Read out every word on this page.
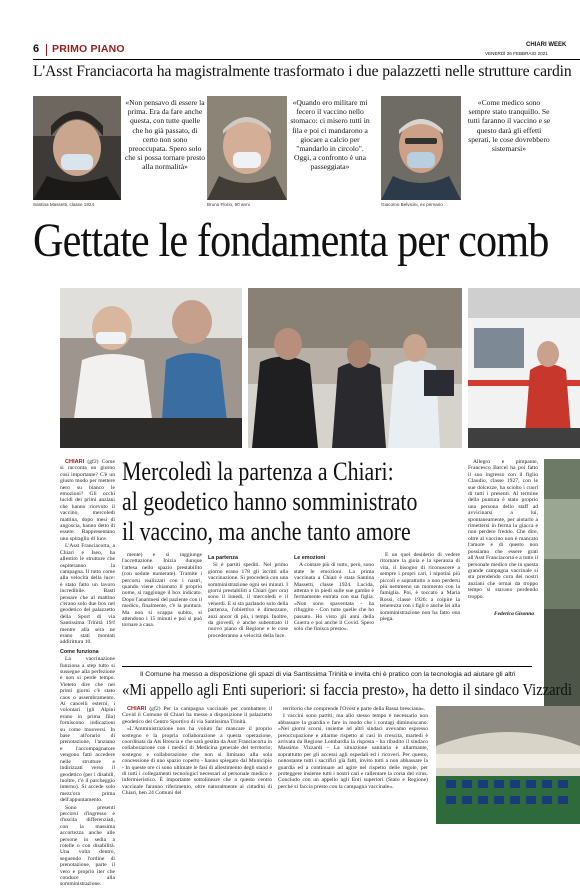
6 PRIMO PIANO	CHIARI WEEK
VENERDÌ 26 FEBBRAIO 2021
L'Asst Franciacorta ha magistralmente trasformato i due palazzetti nelle strutture cardin
Santina Massetti, classe 1924
«Non pensavo di essere la prima. Era da fare anche questa, con tutte quelle che ho già passato, di certo non sono preoccupata. Spero solo che si possa tornare presto alla normalità»
Bruno Florio, 90 anni
«Quando ero militare mi fecero il vaccino nello stomaco: ci misero tutti in fila e poi ci mandarono a giocare a calcio per "mandarlo in circolo". Oggi, a confronto è una passeggiata»
Giacomo Belvicini, ex primario
«Come medico sono sempre stato tranquillo. Se tutti faranno il vaccino e se questo darà gli effetti sperati, le cose dovrebbero sistemarsi»
Gettate le fondamenta per comb

CHIARI (gf2) Come si racconta un giorno così importante? C'è un giusto modo per mettere nero su bianco le emozioni? Gli occhi lucidi dei primi anziani che hanno ricevuto il vaccino, mercoledì mattina, dopo mesi di angoscia, hanno detto di essere. Rappresentano uno spiraglio di luce.

L'Asst Franciacorta, a Chiari e Iseo, ha allestito le strutture che ospiteranno la campagna. Il tutto come alla velocità della luce: è stato fatto un lavoro incredibile. Basti pensare che al mattino c'erano solo due box nel geodetico del palazzetto della Sport di via Santissima Trinità 19/f mentre alla sera ne erano stati montati addirittura 10.

Come funziona

La vaccinazione funziona a step tutto si sussegue alla perfezione e non si perde tempo. Vieteto dire che nei primi giorni c'è stato caos o assembramento. Ai cancelli esterni, i volontari (gli Alpini erano in prima fila) forniscono indicazioni su come muoversi. In base all'orario di prenotazione, l'anziano e l'accompagnatore vengono fatti accedere nelle strutture e indirizzati verso il geodetico (per i disabili, inoltre, c'è il parcheggio interno). Si accede solo mezz'ora prima dell'appuntamento.

Sono presenti percorsi d'ingresso e d'uscita differenziati, con la massima accortezza anche alle persone in sedia a rotelle o con disabilità. Una volta dentro, seguendo l'ordine di prenotazione, parte il vero e proprio iter che conduce alla somministrazione.

Mercoledì la partenza a Chiari:
al geodetico hanno somministrato
il vaccino, ma anche tanto amore

mente) e si raggiunge l'accettazione. Inizia dunque l'attesa nello spazio prestabilito (con sedute numerate). Tramite i percorsi realizzati con i nastri, quando viene chiamato il proprio nome, si raggiunge il box indicato. Dopo l'anamnesi del paziente con il medico, finalmente, c'è la puntura. Ma non si scappa subito, si attendono i 15 minuti e poi si può tornare a casa.

La partenza

Si è partiti spediti. Nel primo giorno erano 178 gli iscritti alla vaccinazione. Si procederà con una somministrazione ogni sei minuti. I giorni prestabiliti a Chiari (per ora) sono il lunedì, il mercoledì e il venerdì. E si sta parlando solo della partenza, l'obiettivo è dimezzare, anzi ancor di più, i tempi. Inoltre, da giovedì, è anche subentrato il nuovo piano di Regione e le cose procederanno a velocità della luce.

Le emozioni

A contare più di tutto, però, sono state le emozioni. La prima vaccinata a Chiari è stata Santina Massetti, classe 1924. Lucida, attenta e in piedi sulle sue gambe è fermamente entrata con sua figlia. «Non sono spaventata - ha rifuggito - Con tutte quelle che ho passato. Ho visto gli anni della Guerra e poi anche il Covid. Spero solo che finisca presto».

E un quel desiderio di vedere ritornare la gioia e la speranza di vita, il bisogno di riconoscere a sempre i propri cari, i nipotini più piccoli e soprattutto a non perdersi più nemmeno un momento con la famiglia. Poi, è toccato a Maria Rossi, classe 1926: a colpire la tenerezza con i figli e anche lei alla somministrazione non ha fatto una piega.

Allegro e pimpante, Francesco Barcel ha poi fatto il suo ingresso con il figlio Claudio, classe 1927, con le sue dolcezze, ha sciolto i cuori di tutti i presenti. Al termine della puntura è stato proprio una persona dello staff ad avvicinarsi a lui, spontaneamente, per aiutarlo a rimettersi in ferma la giacca e non perdere freddo. Che dire, oltre al vaccino non è mancato l'amore e di questo non possiamo che essere grati all'Asst Franciacorta e a tutto il personale medico che in questa grande campagna vaccinale si sta prendendo cura dei nostri anziani che ormai da troppo tempo si stavano perdendo troppo.

Federica Gisonna
Il Comune ha messo a disposizione gli spazi di via Santissima Trinità e invita chi è pratico con la tecnologia ad aiutare gli altri
«Mi appello agli Enti superiori: si faccia presto», ha detto il sindaco Vizzardi

CHIARI (gf2) Per la campagna vaccinale per combattere il Covid il Comune di Chiari ha messo a disposizione il palazzetto geodetico del Centro Sportivo di via Santissima Trinità.

«L'Amministrazione non ha voluto far mancare il proprio sostegno e la propria collaborazione a questa operazione, coordinata da Ats Brescia e che sarà gestita da Asst Franciacorta in collaborazione con i medici di Medicina generale del territorio; sostegno e collaborazione che non si limitano alla sola concessione di uno spazio coperto - hanno spiegato dal Municipio - In queste ore ci sono ultimate le fasi di allestimento degli stand e di tutti i collegamenti tecnologici necessari al personale medico e infermieristico. È importante sottolineare che a questo centro vaccinale faranno riferimento, oltre naturalmente ai cittadini di Chiari, ben 24 Comuni del

territorio che comprende l'Ovest e parte della Bassa bresciana».

I vaccini sono partiti, ma allo stesso tempo è necessario non abbassare la guardia e fare in modo che i contagi diminuiscano. «Nei giorni scorsi, insieme ad altri sindaci avevamo espresso preoccupazione e allarme rispetto ai casi in crescita, martedì è arrivata da Regione Lombardia la risposta - ha ribadito il sindaco Massimo Vizzardi - La situazione sanitaria è allarmante, soprattutto per gli accessi agli ospedali ed i ricoveri. Per questo, nonostante tutti i sacrifici già fatti, invito tutti a non abbassare la guardia ed a continuare ad agire nel rispetto delle regole, per proteggere insieme tutti i nostri cari e rallentare la corsa del virus. Concludo con un appello agli Enti superiori (Stato e Regione) perché si faccia presto con la campagna vaccinale».
